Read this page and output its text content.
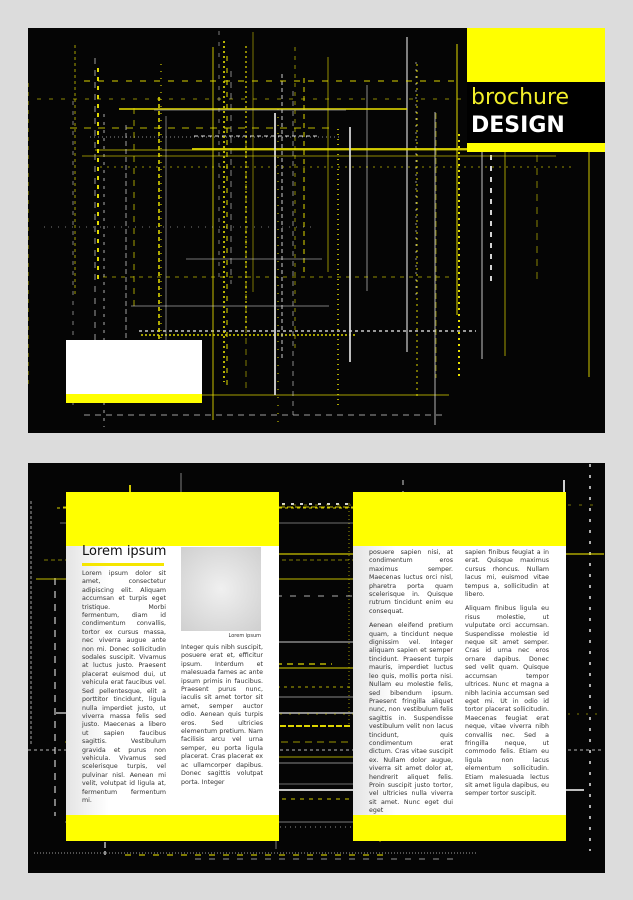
brochure
DESIGN
Lorem ipsum
Lorem ipsum dolor sit amet, consectetur adipiscing elit. Aliquam accumsan et turpis eget tristique. Morbi fermentum, diam id condimentum convallis, tortor ex cursus massa, nec viverra augue ante non mi. Donec sollicitudin sodales suscipit. Vivamus at luctus justo. Praesent placerat euismod dui, ut vehicula erat faucibus vel. Sed pellentesque, elit a porttitor tincidunt, ligula nulla imperdiet justo, ut viverra massa felis sed justo. Maecenas a libero ut sapien faucibus sagittis. Vestibulum gravida et purus non vehicula. Vivamus sed scelerisque turpis, vel pulvinar nisl. Aenean mi velit, volutpat id ligula at, fermentum fermentum mi.
Lorem ipsum
Integer quis nibh suscipit, posuere erat et, efficitur ipsum. Interdum et malesuada fames ac ante ipsum primis in faucibus. Praesent purus nunc, iaculis sit amet tortor sit amet, semper auctor odio. Aenean quis turpis eros. Sed ultricies elementum pretium. Nam facilisis arcu vel urna semper, eu porta ligula placerat. Cras placerat ex ac ullamcorper dapibus. Donec sagittis volutpat porta. Integer

posuere sapien nisi, at condimentum eros maximus semper. Maecenas luctus orci nisl, pharetra porta quam scelerisque in. Quisque rutrum tincidunt enim eu consequat.

Aenean eleifend pretium quam, a tincidunt neque dignissim vel. Integer aliquam sapien et semper tincidunt. Praesent turpis mauris, imperdiet luctus leo quis, mollis porta nisi. Nullam eu molestie felis, sed bibendum ipsum. Praesent fringilla aliquet nunc, non vestibulum felis sagittis in. Suspendisse vestibulum velit non lacus tincidunt, quis condimentum erat dictum. Cras vitae suscipit ex. Nullam dolor augue, viverra sit amet dolor at, hendrerit aliquet felis. Proin suscipit justo tortor, vel ultricies nulla viverra sit amet. Nunc eget dui eget

sapien finibus feugiat a in erat. Quisque maximus cursus rhoncus. Nullam lacus mi, euismod vitae tempus a, sollicitudin at libero.

Aliquam finibus ligula eu risus molestie, ut vulputate orci accumsan. Suspendisse molestie id neque sit amet semper. Cras id urna nec eros ornare dapibus. Donec sed velit quam. Quisque accumsan tempor ultrices. Nunc et magna a nibh lacinia accumsan sed eget mi. Ut in odio id tortor placerat sollicitudin. Maecenas feugiat erat neque, vitae viverra nibh convallis nec. Sed a fringilla neque, ut commodo felis. Etiam eu ligula non lacus elementum sollicitudin. Etiam malesuada lectus sit amet ligula dapibus, eu semper tortor suscipit.
